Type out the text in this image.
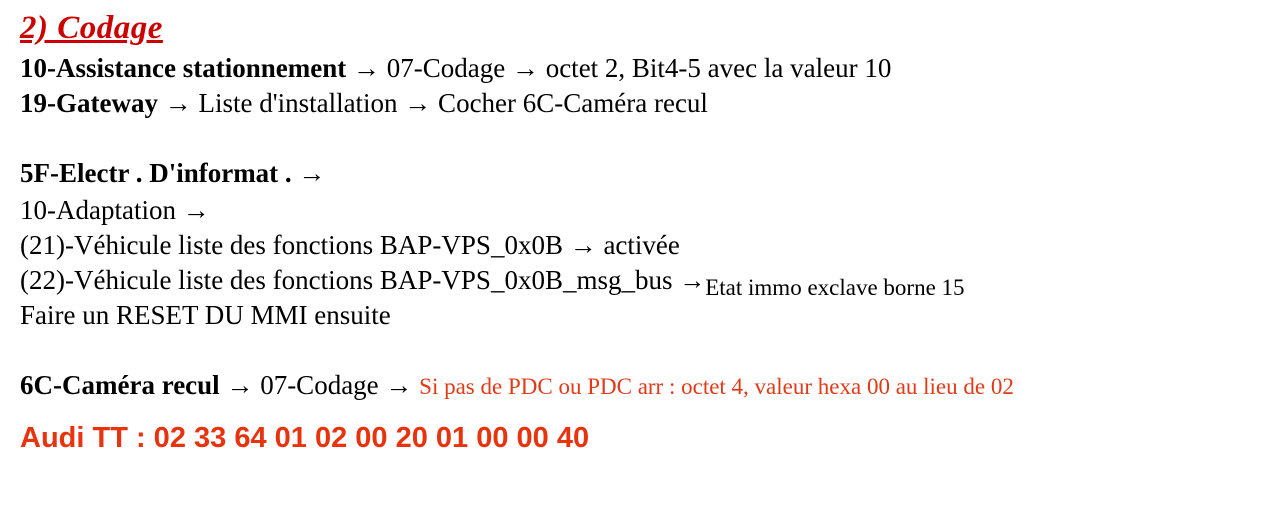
2) Codage
10-Assistance stationnement → 07-Codage → octet 2, Bit4-5 avec la valeur 10
19-Gateway → Liste d'installation → Cocher 6C-Caméra recul
5F-Electr . D'informat . →
10-Adaptation →
(21)-Véhicule liste des fonctions BAP-VPS_0x0B → activée
(22)-Véhicule liste des fonctions BAP-VPS_0x0B_msg_bus →Etat immo exclave borne 15
Faire un RESET DU MMI ensuite
6C-Caméra recul → 07-Codage → Si pas de PDC ou PDC arr : octet 4, valeur hexa 00 au lieu de 02
Audi TT : 02 33 64 01 02 00 20 01 00 00 40
